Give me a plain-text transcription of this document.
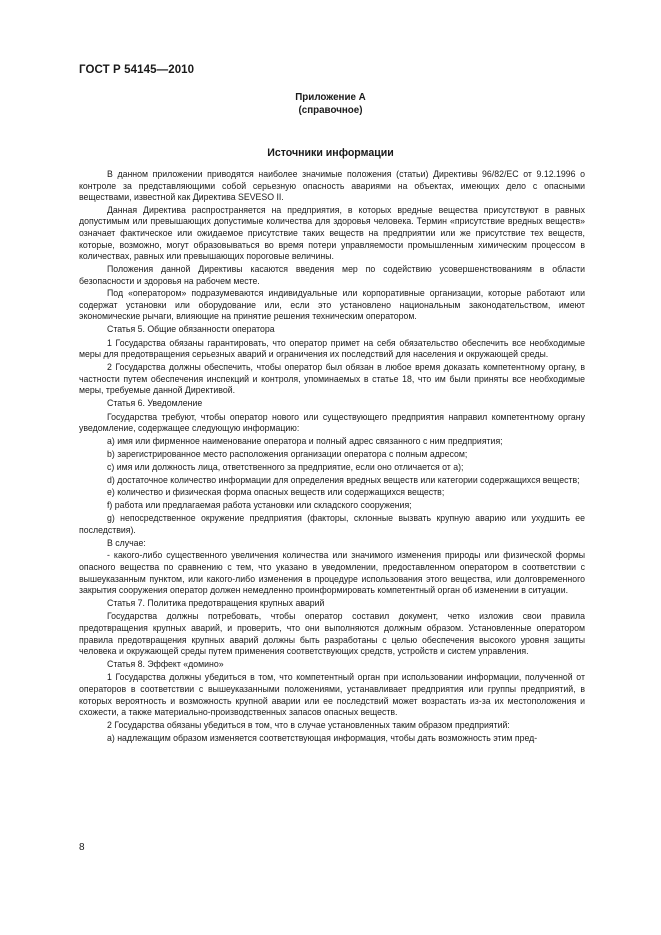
ГОСТ Р 54145—2010
Приложение А
(справочное)
Источники информации

В данном приложении приводятся наиболее значимые положения (статьи) Директивы 96/82/ЕС от 9.12.1996 о контроле за представляющими собой серьезную опасность авариями на объектах, имеющих дело с опасными веществами, известной как Директива SEVESO II.

Данная Директива распространяется на предприятия, в которых вредные вещества присутствуют в равных допустимым или превышающих допустимые количества для здоровья человека. Термин «присутствие вредных веществ» означает фактическое или ожидаемое присутствие таких веществ на предприятии или же присутствие тех веществ, которые, возможно, могут образовываться во время потери управляемости промышленным химическим процессом в количествах, равных или превышающих пороговые величины.

Положения данной Директивы касаются введения мер по содействию усовершенствованиям в области безопасности и здоровья на рабочем месте.

Под «оператором» подразумеваются индивидуальные или корпоративные организации, которые работают или содержат установки или оборудование или, если это установлено национальным законодательством, имеют экономические рычаги, влияющие на принятие решения техническим оператором.

Статья 5. Общие обязанности оператора

1 Государства обязаны гарантировать, что оператор примет на себя обязательство обеспечить все необходимые меры для предотвращения серьезных аварий и ограничения их последствий для населения и окружающей среды.

2 Государства должны обеспечить, чтобы оператор был обязан в любое время доказать компетентному органу, в частности путем обеспечения инспекций и контроля, упоминаемых в статье 18, что им были приняты все необходимые меры, требуемые данной Директивой.

Статья 6. Уведомление

Государства требуют, чтобы оператор нового или существующего предприятия направил компетентному органу уведомление, содержащее следующую информацию:

а) имя или фирменное наименование оператора и полный адрес связанного с ним предприятия;

b) зарегистрированное место расположения организации оператора с полным адресом;

с) имя или должность лица, ответственного за предприятие, если оно отличается от а);

d) достаточное количество информации для определения вредных веществ или категории содержащихся веществ;

e) количество и физическая форма опасных веществ или содержащихся веществ;

f) работа или предлагаемая работа установки или складского сооружения;

g) непосредственное окружение предприятия (факторы, склонные вызвать крупную аварию или ухудшить ее последствия).

В случае:

- какого-либо существенного увеличения количества или значимого изменения природы или физической формы опасного вещества по сравнению с тем, что указано в уведомлении, предоставленном оператором в соответствии с вышеуказанным пунктом, или какого-либо изменения в процедуре использования этого вещества, или долговременного закрытия сооружения оператор должен немедленно проинформировать компетентный орган об изменении в ситуации.

Статья 7. Политика предотвращения крупных аварий

Государства должны потребовать, чтобы оператор составил документ, четко изложив свои правила предотвращения крупных аварий, и проверить, что они выполняются должным образом. Установленные оператором правила предотвращения крупных аварий должны быть разработаны с целью обеспечения высокого уровня защиты человека и окружающей среды путем применения соответствующих средств, устройств и систем управления.

Статья 8. Эффект «домино»

1 Государства должны убедиться в том, что компетентный орган при использовании информации, полученной от операторов в соответствии с вышеуказанными положениями, устанавливает предприятия или группы предприятий, в которых вероятность и возможность крупной аварии или ее последствий может возрастать из-за их местоположения и схожести, а также материально-производственных запасов опасных веществ.

2 Государства обязаны убедиться в том, что в случае установленных таким образом предприятий:

а) надлежащим образом изменяется соответствующая информация, чтобы дать возможность этим пред-

8
